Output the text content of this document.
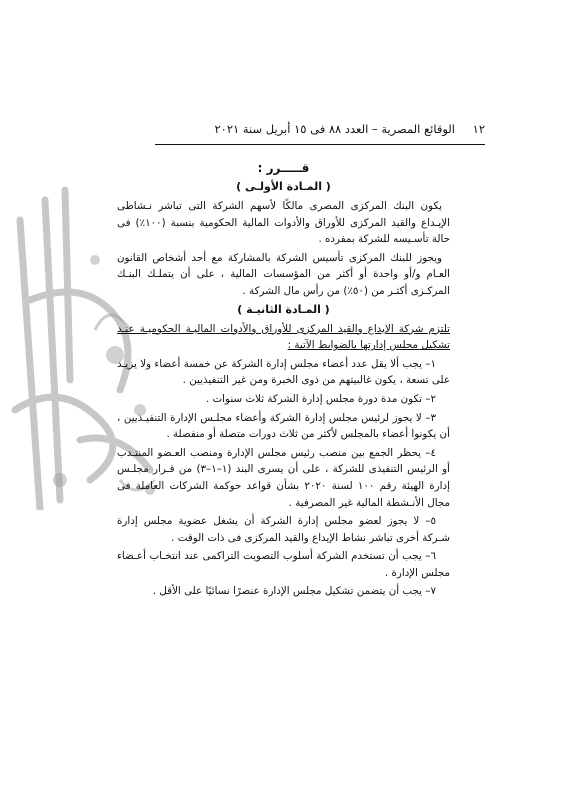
١٢
الوقائع المصرية – العدد ٨٨ فى ١٥ أبريل سنة ٢٠٢١
قـــــرر :
( المـادة الأولـى )

يكون البنك المركزى المصرى مالكًا لأسهم الشركة التى تباشر نـشاطى الإيـداع والقيد المركزى للأوراق والأدوات المالية الحكومية بنسبة (١٠٠٪) فى حالة تأسـيسه للشركة بمفرده .

ويجوز للبنك المركزى تأسيس الشركة بالمشاركة مع أحد أشخاص القانون العـام و/أو واحدة أو أكثر من المؤسسات المالية ، على أن يتملـك البنـك المركـزى أكثـر من (٥٠٪) من رأس مال الشركة .

( المـادة الثانيـة )

تلتزم شركة الإيداع والقيد المركزى للأوراق والأدوات الماليـة الحكوميـة عنـد تشكيل مجلس إدارتها بالضوابط الآتية :

١– يجب ألا يقل عدد أعضاء مجلس إدارة الشركة عن خمسة أعضاء ولا يزيـد على تسعة ، يكون غالبيتهم من ذوى الخبرة ومن غير التنفيذيين .

٢– تكون مدة دورة مجلس إدارة الشركة ثلاث سنوات .

٣– لا يجوز لرئيس مجلس إدارة الشركة وأعضاء مجلـس الإدارة التنفيـذيين ، أن يكونوا أعضاء بالمجلس لأكثر من ثلاث دورات متصلة أو منفصلة .

٤– يحظر الجمع بين منصب رئيس مجلس الإدارة ومنصب العـضو المنتـدب أو الرئيس التنفيذى للشركة ، على أن يسرى البند (١–١–٣) من قـرار مجلـس إدارة الهيئة رقم ١٠٠ لسنة ٢٠٢٠ بشأن قواعد حوكمة الشركات العاملة فى مجال الأنـشطة المالية غير المصرفية .

٥– لا يجوز لعضو مجلس إدارة الشركة أن يشغل عضوية مجلس إدارة شـركة أخرى تباشر نشاط الإيداع والقيد المركزى فى ذات الوقت .

٦– يجب أن تستخدم الشركة أسلوب التصويت التراكمى عند انتخـاب أعـضاء مجلس الإدارة .

٧– يجب أن يتضمن تشكيل مجلس الإدارة عنصرًا نسائيًا على الأقل .
